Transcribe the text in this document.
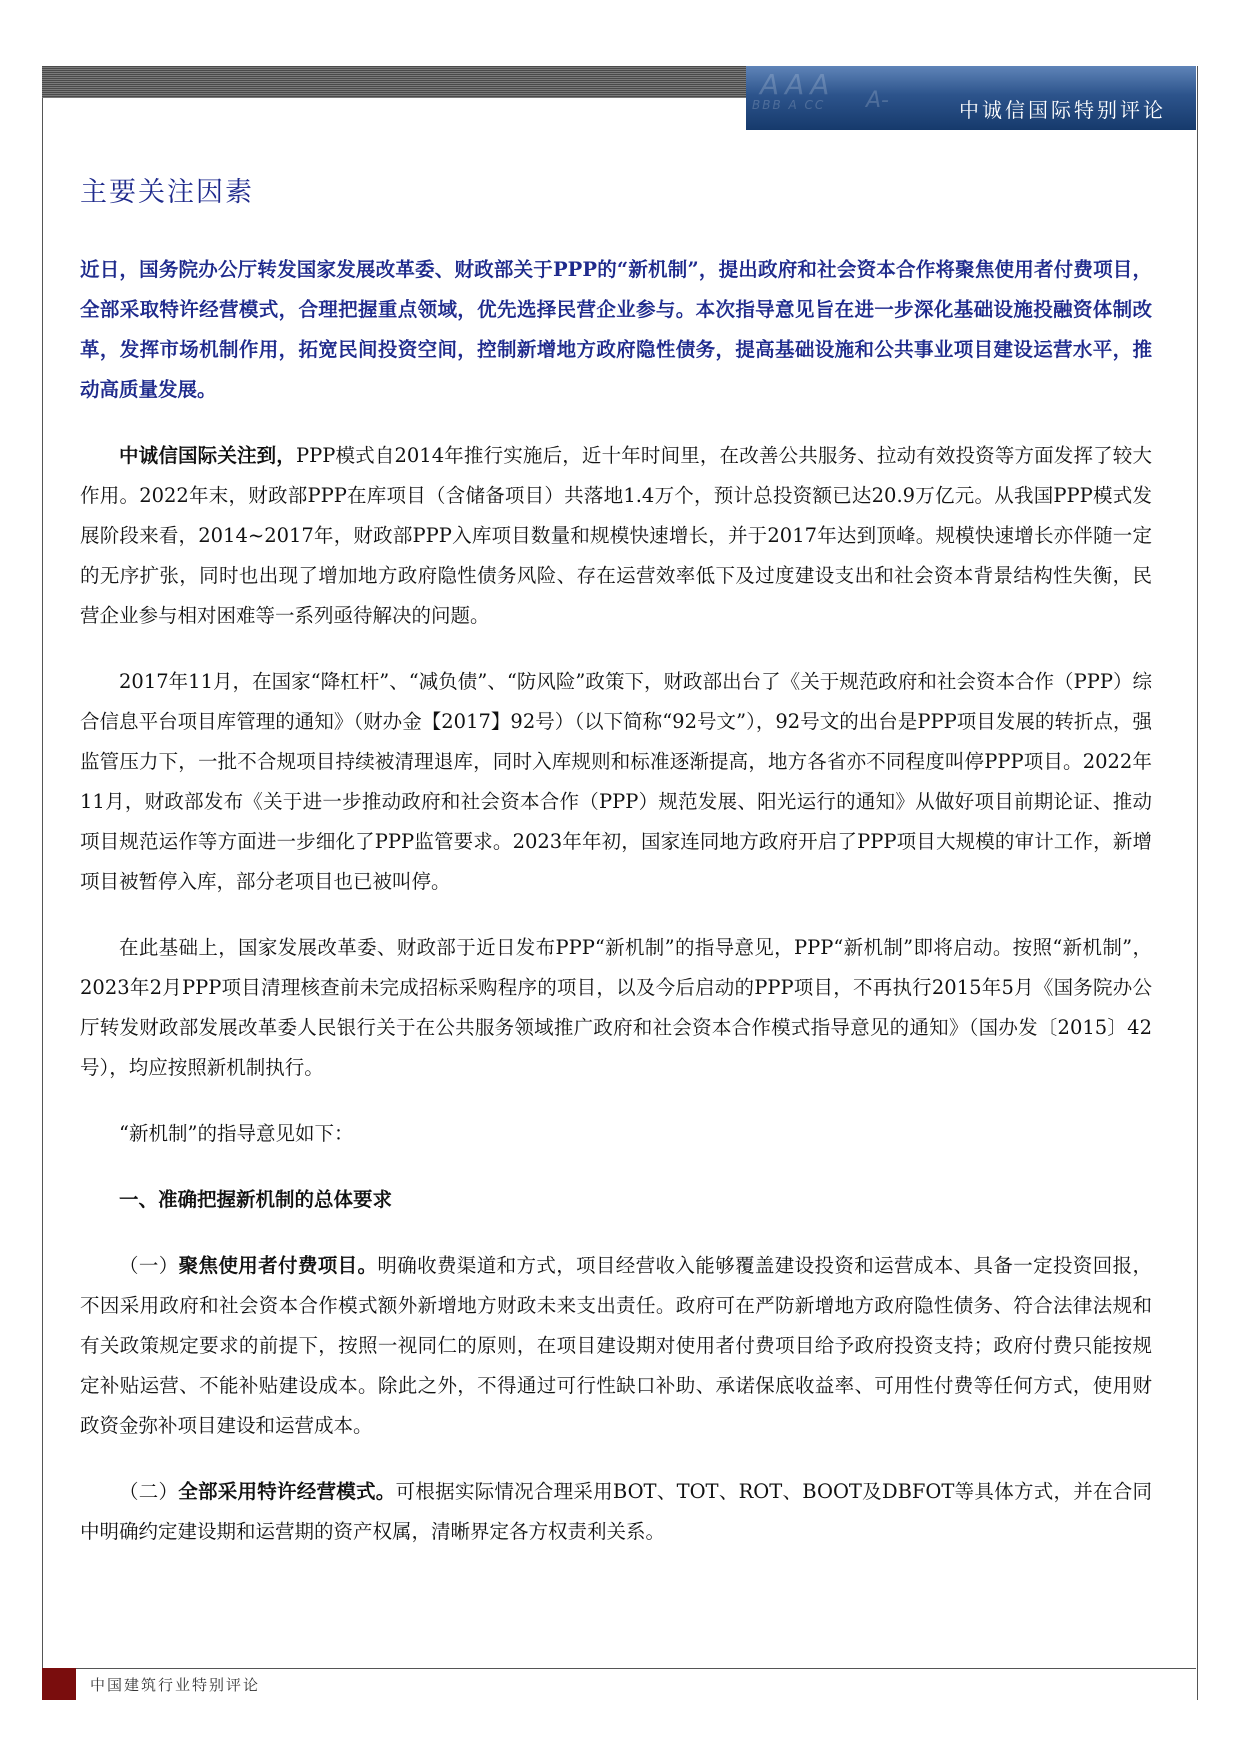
AAA
BBB A CC A-	中诚信国际特别评论
主要关注因素

近日，国务院办公厅转发国家发展改革委、财政部关于PPP的“新机制”，提出政府和社会资本合作将聚焦使用者付费项目，全部采取特许经营模式，合理把握重点领域，优先选择民营企业参与。本次指导意见旨在进一步深化基础设施投融资体制改革，发挥市场机制作用，拓宽民间投资空间，控制新增地方政府隐性债务，提高基础设施和公共事业项目建设运营水平，推动高质量发展。

中诚信国际关注到，PPP模式自2014年推行实施后，近十年时间里，在改善公共服务、拉动有效投资等方面发挥了较大作用。2022年末，财政部PPP在库项目（含储备项目）共落地1.4万个，预计总投资额已达20.9万亿元。从我国PPP模式发展阶段来看，2014~2017年，财政部PPP入库项目数量和规模快速增长，并于2017年达到顶峰。规模快速增长亦伴随一定的无序扩张，同时也出现了增加地方政府隐性债务风险、存在运营效率低下及过度建设支出和社会资本背景结构性失衡，民营企业参与相对困难等一系列亟待解决的问题。

2017年11月，在国家“降杠杆”、“减负债”、“防风险”政策下，财政部出台了《关于规范政府和社会资本合作（PPP）综合信息平台项目库管理的通知》（财办金【2017】92号）（以下简称“92号文”），92号文的出台是PPP项目发展的转折点，强监管压力下，一批不合规项目持续被清理退库，同时入库规则和标准逐渐提高，地方各省亦不同程度叫停PPP项目。2022年11月，财政部发布《关于进一步推动政府和社会资本合作（PPP）规范发展、阳光运行的通知》从做好项目前期论证、推动项目规范运作等方面进一步细化了PPP监管要求。2023年年初，国家连同地方政府开启了PPP项目大规模的审计工作，新增项目被暂停入库，部分老项目也已被叫停。

在此基础上，国家发展改革委、财政部于近日发布PPP“新机制”的指导意见，PPP“新机制”即将启动。按照“新机制”，2023年2月PPP项目清理核查前未完成招标采购程序的项目，以及今后启动的PPP项目，不再执行2015年5月《国务院办公厅转发财政部发展改革委人民银行关于在公共服务领域推广政府和社会资本合作模式指导意见的通知》（国办发〔2015〕42号），均应按照新机制执行。

“新机制”的指导意见如下：

一、准确把握新机制的总体要求

（一）聚焦使用者付费项目。明确收费渠道和方式，项目经营收入能够覆盖建设投资和运营成本、具备一定投资回报，不因采用政府和社会资本合作模式额外新增地方财政未来支出责任。政府可在严防新增地方政府隐性债务、符合法律法规和有关政策规定要求的前提下，按照一视同仁的原则，在项目建设期对使用者付费项目给予政府投资支持；政府付费只能按规定补贴运营、不能补贴建设成本。除此之外，不得通过可行性缺口补助、承诺保底收益率、可用性付费等任何方式，使用财政资金弥补项目建设和运营成本。

（二）全部采用特许经营模式。可根据实际情况合理采用BOT、TOT、ROT、BOOT及DBFOT等具体方式，并在合同中明确约定建设期和运营期的资产权属，清晰界定各方权责利关系。

中国建筑行业特别评论
